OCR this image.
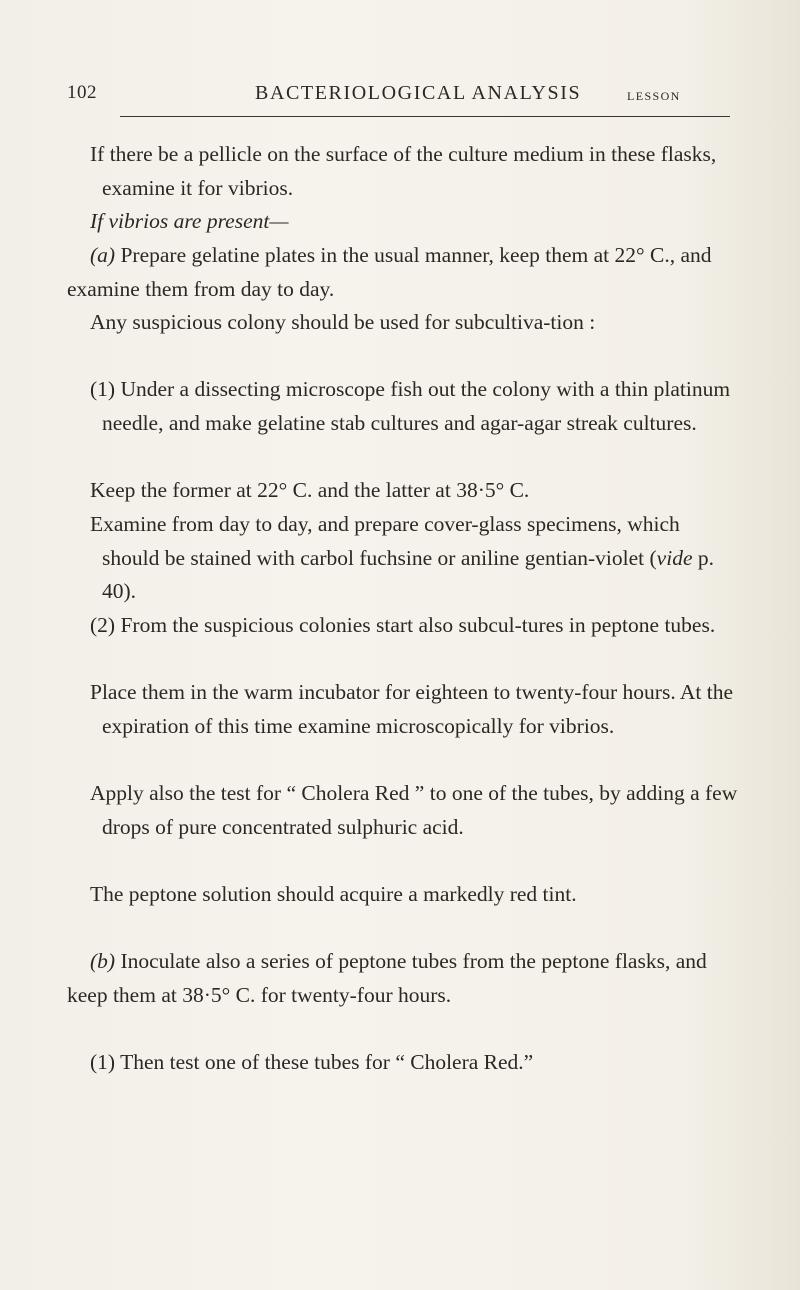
102	BACTERIOLOGICAL ANALYSIS	LESSON

If there be a pellicle on the surface of the culture medium in these flasks, examine it for vibrios.

If vibrios are present—

(a) Prepare gelatine plates in the usual manner, keep them at 22° C., and examine them from day to day.

Any suspicious colony should be used for subcultiva-tion :

(1) Under a dissecting microscope fish out the colony with a thin platinum needle, and make gelatine stab cultures and agar-agar streak cultures.

Keep the former at 22° C. and the latter at 38·5° C.

Examine from day to day, and prepare cover-glass specimens, which should be stained with carbol fuchsine or aniline gentian-violet (vide p. 40).

(2) From the suspicious colonies start also subcul-tures in peptone tubes.

Place them in the warm incubator for eighteen to twenty-four hours. At the expiration of this time examine microscopically for vibrios.

Apply also the test for “ Cholera Red ” to one of the tubes, by adding a few drops of pure concentrated sulphuric acid.

The peptone solution should acquire a markedly red tint.

(b) Inoculate also a series of peptone tubes from the peptone flasks, and keep them at 38·5° C. for twenty-four hours.

(1) Then test one of these tubes for “ Cholera Red.”
